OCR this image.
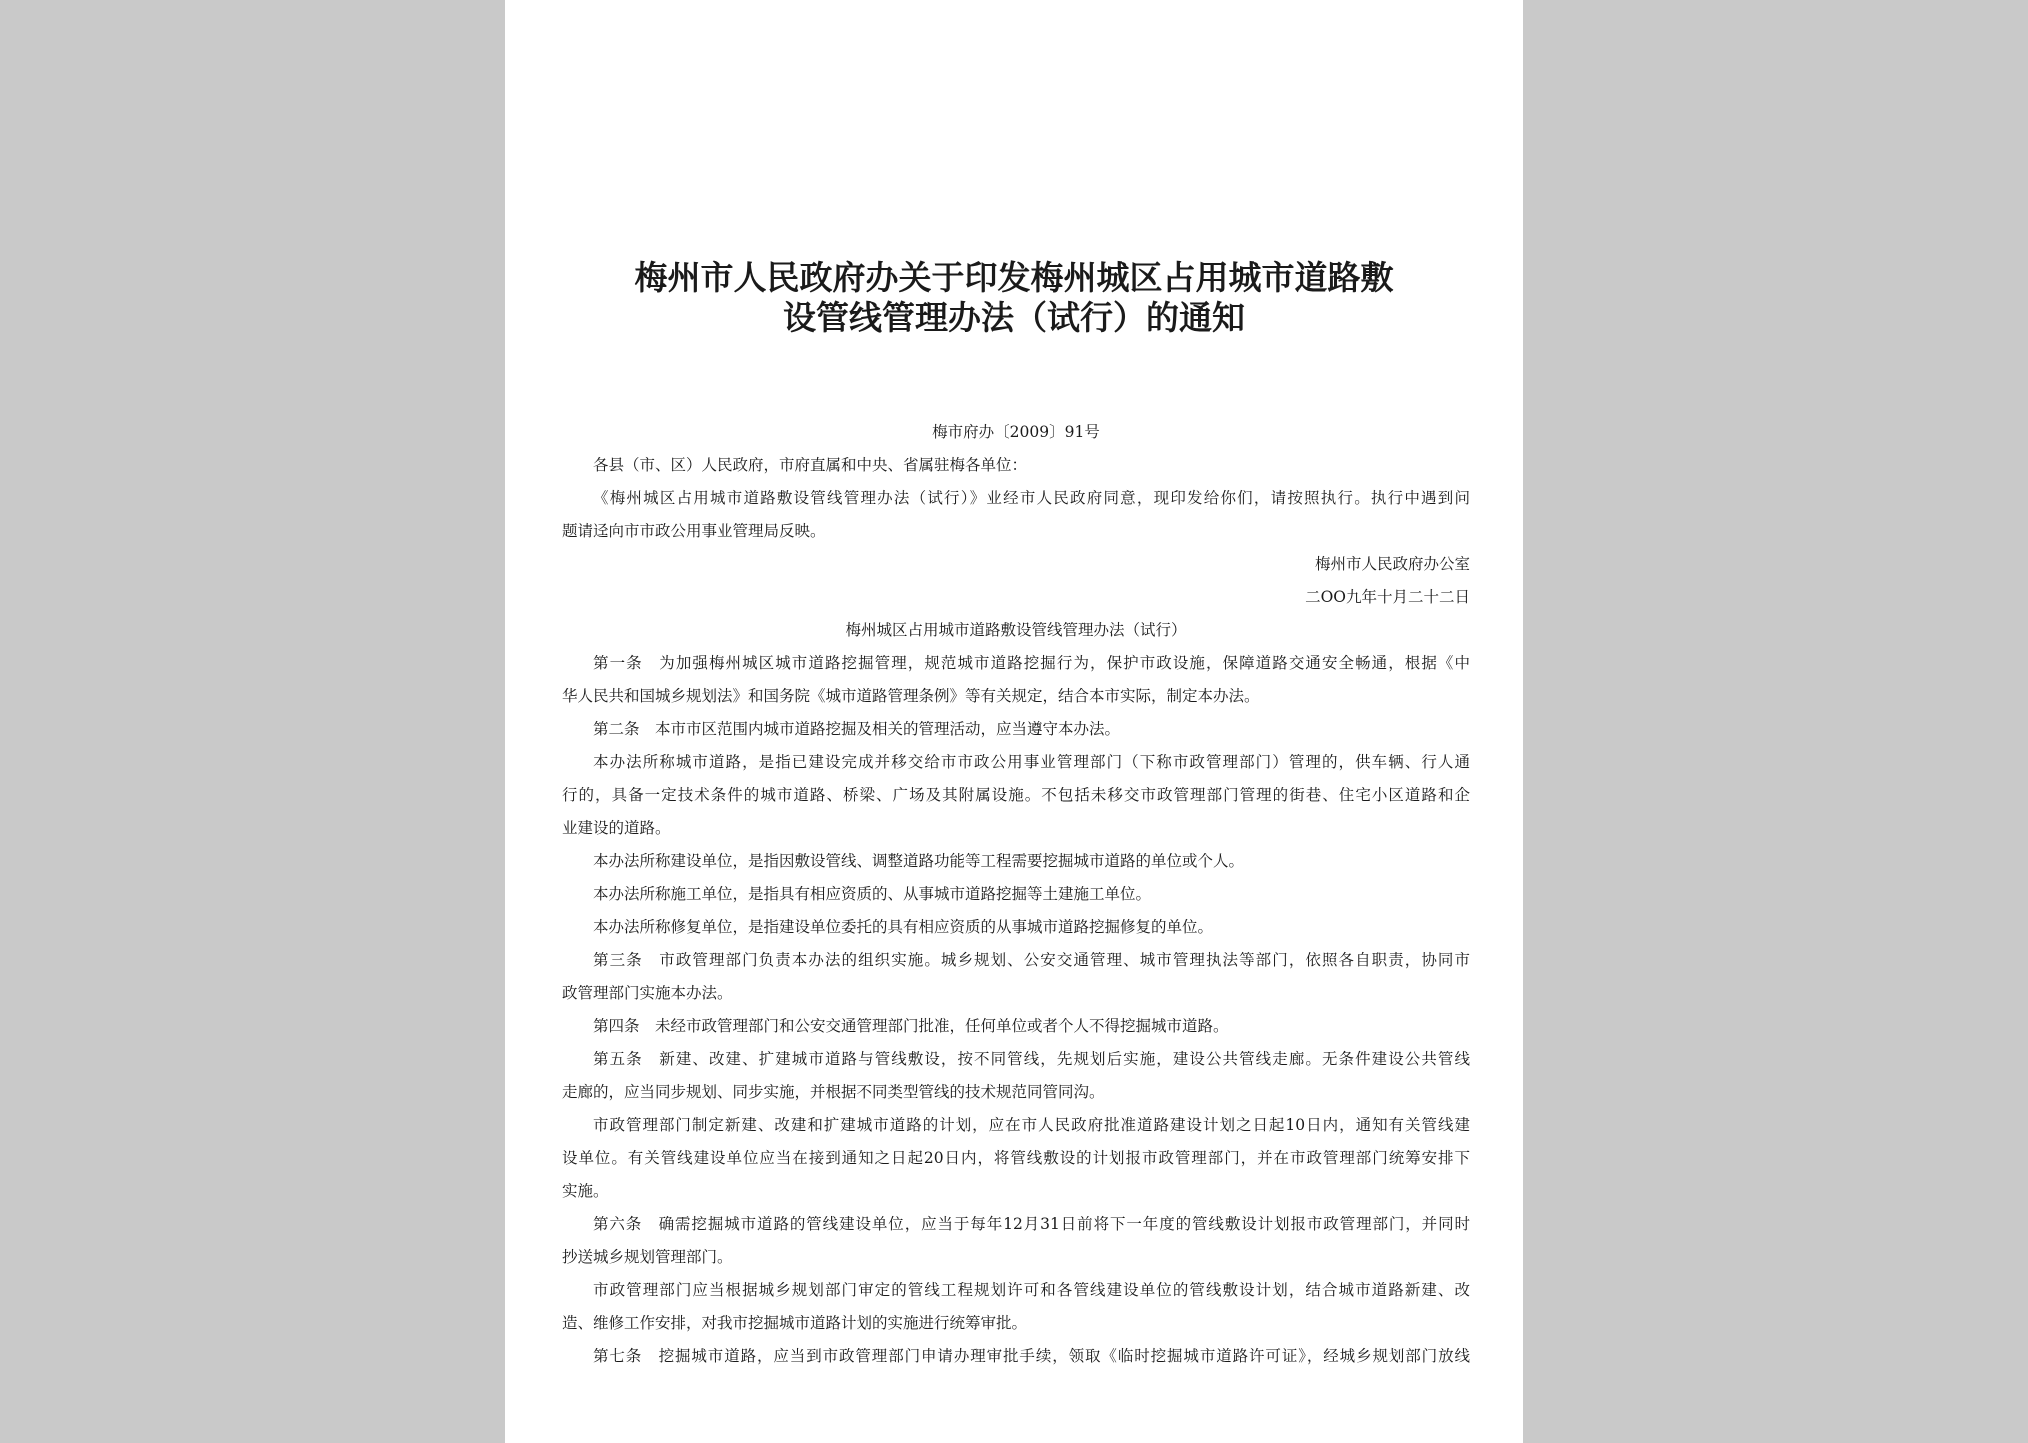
梅州市人民政府办关于印发梅州城区占用城市道路敷
设管线管理办法（试行）的通知
梅市府办〔2009〕91号
各县（市、区）人民政府，市府直属和中央、省属驻梅各单位：
《梅州城区占用城市道路敷设管线管理办法（试行）》业经市人民政府同意，现印发给你们，请按照执行。执行中遇到问
题请迳向市市政公用事业管理局反映。
梅州市人民政府办公室
二OO九年十月二十二日
梅州城区占用城市道路敷设管线管理办法（试行）
第一条　为加强梅州城区城市道路挖掘管理，规范城市道路挖掘行为，保护市政设施，保障道路交通安全畅通，根据《中
华人民共和国城乡规划法》和国务院《城市道路管理条例》等有关规定，结合本市实际，制定本办法。
第二条　本市市区范围内城市道路挖掘及相关的管理活动，应当遵守本办法。
本办法所称城市道路，是指已建设完成并移交给市市政公用事业管理部门（下称市政管理部门）管理的，供车辆、行人通
行的，具备一定技术条件的城市道路、桥梁、广场及其附属设施。不包括未移交市政管理部门管理的街巷、住宅小区道路和企
业建设的道路。
本办法所称建设单位，是指因敷设管线、调整道路功能等工程需要挖掘城市道路的单位或个人。
本办法所称施工单位，是指具有相应资质的、从事城市道路挖掘等土建施工单位。
本办法所称修复单位，是指建设单位委托的具有相应资质的从事城市道路挖掘修复的单位。
第三条　市政管理部门负责本办法的组织实施。城乡规划、公安交通管理、城市管理执法等部门，依照各自职责，协同市
政管理部门实施本办法。
第四条　未经市政管理部门和公安交通管理部门批准，任何单位或者个人不得挖掘城市道路。
第五条　新建、改建、扩建城市道路与管线敷设，按不同管线，先规划后实施，建设公共管线走廊。无条件建设公共管线
走廊的，应当同步规划、同步实施，并根据不同类型管线的技术规范同管同沟。
市政管理部门制定新建、改建和扩建城市道路的计划，应在市人民政府批准道路建设计划之日起10日内，通知有关管线建
设单位。有关管线建设单位应当在接到通知之日起20日内，将管线敷设的计划报市政管理部门，并在市政管理部门统筹安排下
实施。
第六条　确需挖掘城市道路的管线建设单位，应当于每年12月31日前将下一年度的管线敷设计划报市政管理部门，并同时
抄送城乡规划管理部门。
市政管理部门应当根据城乡规划部门审定的管线工程规划许可和各管线建设单位的管线敷设计划，结合城市道路新建、改
造、维修工作安排，对我市挖掘城市道路计划的实施进行统筹审批。
第七条　挖掘城市道路，应当到市政管理部门申请办理审批手续，领取《临时挖掘城市道路许可证》，经城乡规划部门放线
